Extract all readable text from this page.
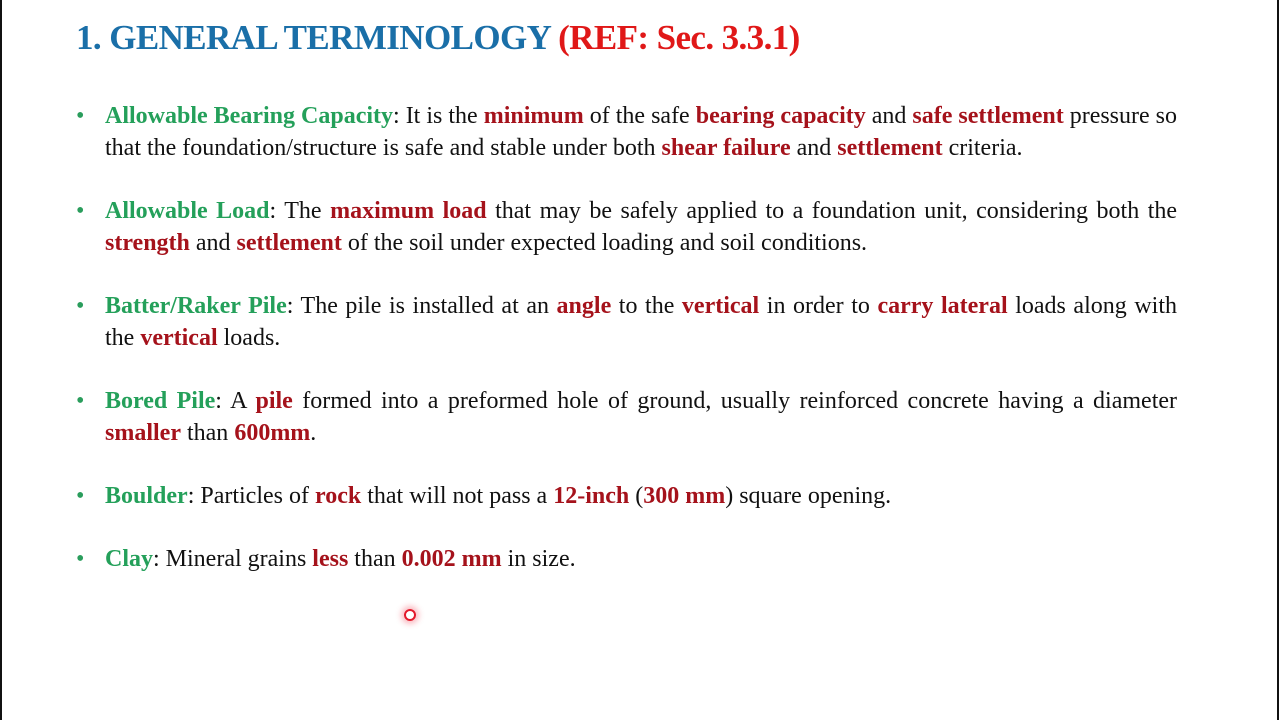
1. GENERAL TERMINOLOGY (REF: Sec. 3.3.1)
• Allowable Bearing Capacity: It is the minimum of the safe bearing capacity and safe settlement pressure so that the foundation/structure is safe and stable under both shear failure and settlement criteria.
• Allowable Load: The maximum load that may be safely applied to a foundation unit, considering both the strength and settlement of the soil under expected loading and soil conditions.
• Batter/Raker Pile: The pile is installed at an angle to the vertical in order to carry lateral loads along with the vertical loads.
• Bored Pile: A pile formed into a preformed hole of ground, usually reinforced concrete having a diameter smaller than 600mm.
• Boulder: Particles of rock that will not pass a 12-inch (300 mm) square opening.
• Clay: Mineral grains less than 0.002 mm in size.
